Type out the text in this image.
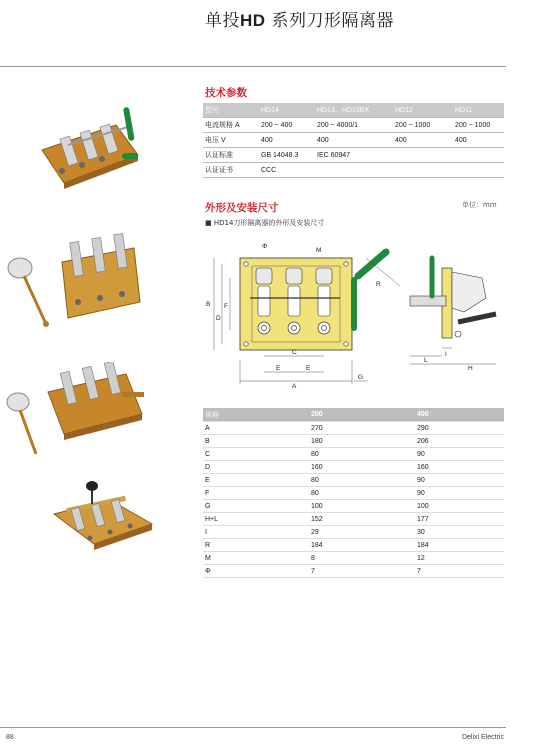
单投HD 系列刀形隔离器
技术参数
型号	HD14	HD13、HD13BX	HD12	HD11
电流规格 A	200 ~ 400	200 ~ 4000/1	200 ~ 1000	200 ~ 1000
电压 V	400	400	400	400
认证标准	GB 14048.3	IEC 60947		
认证证书	CCC			
外形及安装尺寸	单位：mm
■ HD14刀形隔离器的外形及安装尺寸
A
E	E
C
G
B
D
F
Φ
M
R
L
I
H
规格	200	400
A	270	290
B	180	206
C	80	90
D	160	160
E	80	90
F	80	90
G	100	100
H+L	152	177
I	29	30
R	184	184
M	8	12
Φ	7	7
88	Delixi Electric
